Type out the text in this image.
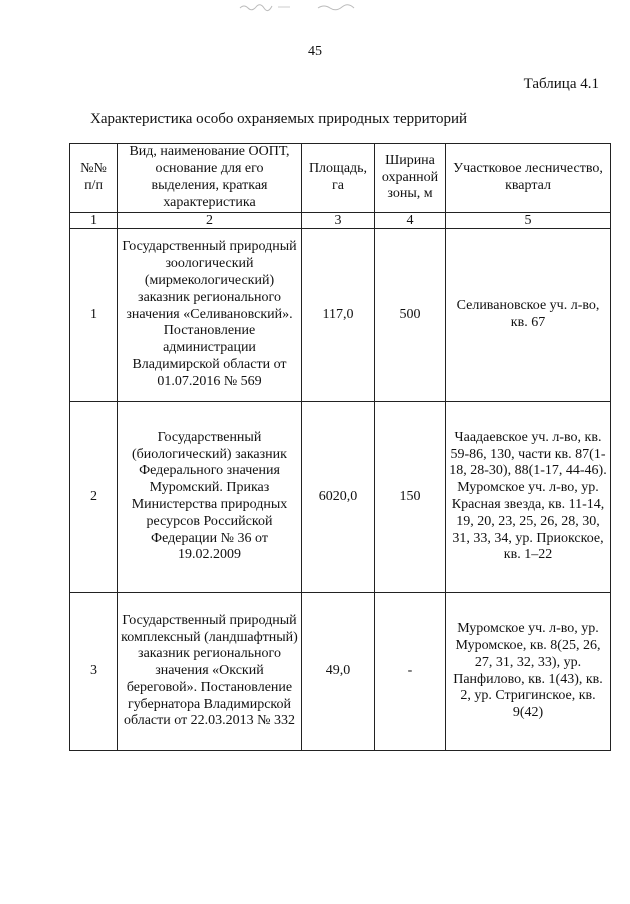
45
Таблица 4.1
Характеристика особо охраняемых природных территорий
№№ п/п	Вид, наименование ООПТ, основание для его выделения, краткая характеристика	Площадь, га	Ширина охранной зоны, м	Участковое лесничество, квартал
1	2	3	4	5
1	Государственный природный зоологический (мирмекологический) заказник регионального значения «Селивановский». Постановление администрации Владимирской области от 01.07.2016 № 569	117,0	500	Селивановское уч. л-во, кв. 67
2	Государственный (биологический) заказник Федерального значения Муромский. Приказ Министерства природных ресурсов Российской Федерации № 36 от 19.02.2009	6020,0	150	Чаадаевское уч. л-во, кв. 59-86, 130, части кв. 87(1-18, 28-30), 88(1-17, 44-46). Муромское уч. л-во, ур. Красная звезда, кв. 11-14, 19, 20, 23, 25, 26, 28, 30, 31, 33, 34, ур. Приокское, кв. 1–22
3	Государственный природный комплексный (ландшафтный) заказник регионального значения «Окский береговой». Постановление губернатора Владимирской области от 22.03.2013 № 332	49,0	-	Муромское уч. л-во, ур. Муромское, кв. 8(25, 26, 27, 31, 32, 33), ур. Панфилово, кв. 1(43), кв. 2, ур. Стригинское, кв. 9(42)
